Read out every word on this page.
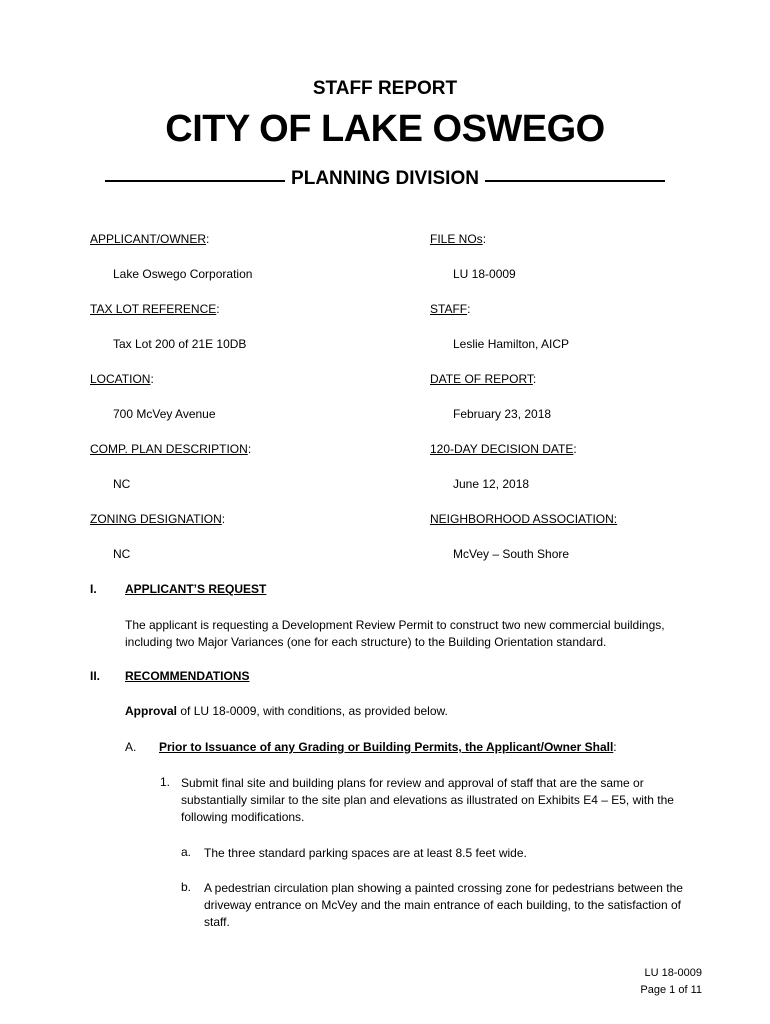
STAFF REPORT
CITY OF LAKE OSWEGO
PLANNING DIVISION
APPLICANT/OWNER:
Lake Oswego Corporation
TAX LOT REFERENCE:
Tax Lot 200 of 21E 10DB
LOCATION:
700 McVey Avenue
COMP. PLAN DESCRIPTION:
NC
ZONING DESIGNATION:
NC
FILE NOs:
LU 18-0009
STAFF:
Leslie Hamilton, AICP
DATE OF REPORT:
February 23, 2018
120-DAY DECISION DATE:
June 12, 2018
NEIGHBORHOOD ASSOCIATION:
McVey – South Shore
I. APPLICANT’S REQUEST
The applicant is requesting a Development Review Permit to construct two new commercial buildings, including two Major Variances (one for each structure) to the Building Orientation standard.
II. RECOMMENDATIONS
Approval of LU 18-0009, with conditions, as provided below.
A. Prior to Issuance of any Grading or Building Permits, the Applicant/Owner Shall:
1. Submit final site and building plans for review and approval of staff that are the same or substantially similar to the site plan and elevations as illustrated on Exhibits E4 – E5, with the following modifications.
a. The three standard parking spaces are at least 8.5 feet wide.
b. A pedestrian circulation plan showing a painted crossing zone for pedestrians between the driveway entrance on McVey and the main entrance of each building, to the satisfaction of staff.
LU 18-0009
Page 1 of 11
